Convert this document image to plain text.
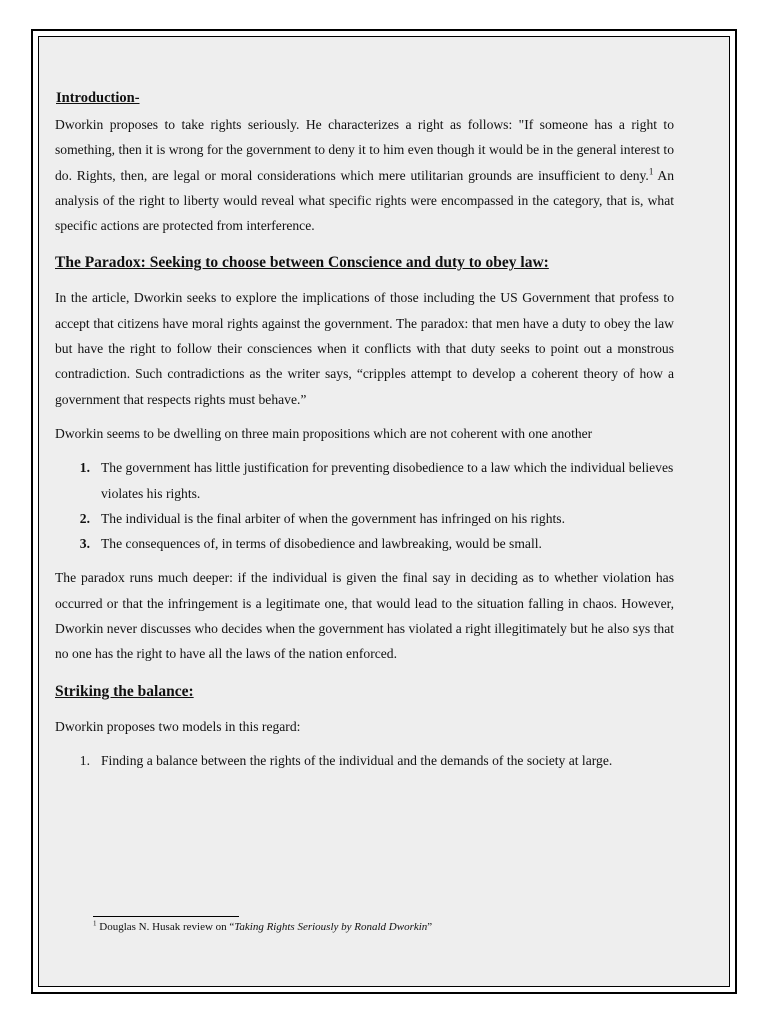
Introduction-

Dworkin proposes to take rights seriously. He characterizes a right as follows: "If someone has a right to something, then it is wrong for the government to deny it to him even though it would be in the general interest to do. Rights, then, are legal or moral considerations which mere utilitarian grounds are insufficient to deny.$^1$ An analysis of the right to liberty would reveal what specific rights were encompassed in the category, that is, what specific actions are protected from interference.

The Paradox: Seeking to choose between Conscience and duty to obey law:

In the article, Dworkin seeks to explore the implications of those including the US Government that profess to accept that citizens have moral rights against the government. The paradox: that men have a duty to obey the law but have the right to follow their consciences when it conflicts with that duty seeks to point out a monstrous contradiction. Such contradictions as the writer says, “cripples attempt to develop a coherent theory of how a government that respects rights must behave.”

Dworkin seems to be dwelling on three main propositions which are not coherent with one another

1. The government has little justification for preventing disobedience to a law which the individual believes violates his rights.
2. The individual is the final arbiter of when the government has infringed on his rights.
3. The consequences of, in terms of disobedience and lawbreaking, would be small.

The paradox runs much deeper: if the individual is given the final say in deciding as to whether violation has occurred or that the infringement is a legitimate one, that would lead to the situation falling in chaos. However, Dworkin never discusses who decides when the government has violated a right illegitimately but he also sys that no one has the right to have all the laws of the nation enforced.

Striking the balance:

Dworkin proposes two models in this regard:

1. Finding a balance between the rights of the individual and the demands of the society at large.
$^1$ Douglas N. Husak review on “Taking Rights Seriously by Ronald Dworkin”
